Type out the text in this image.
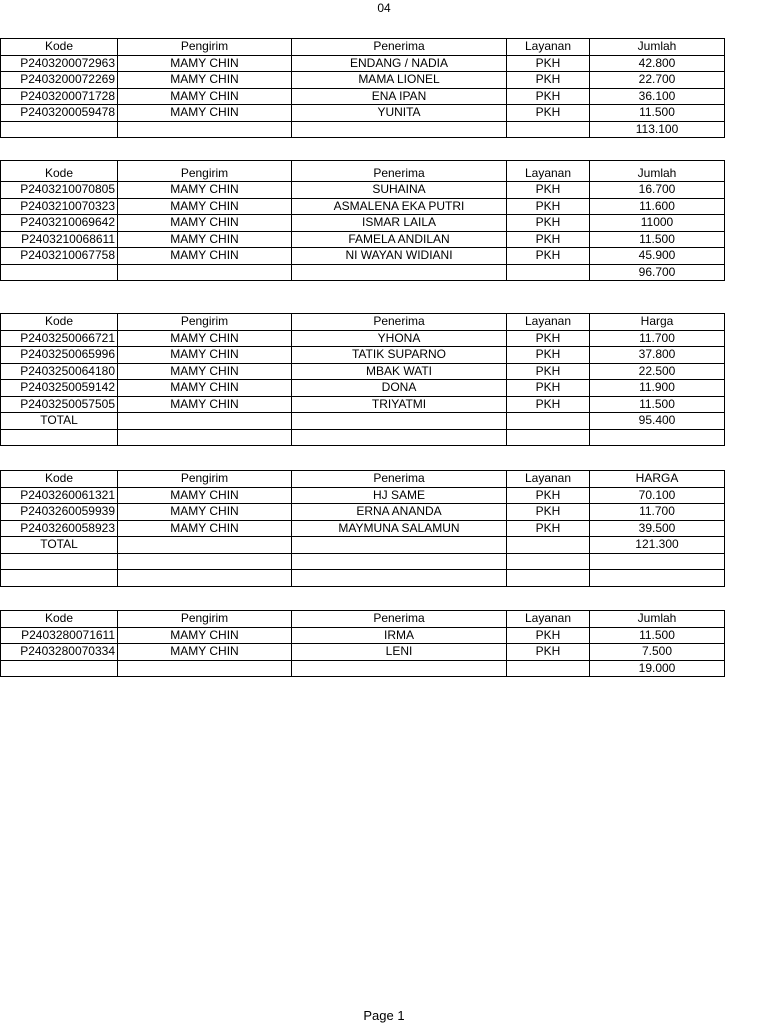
04
Kode	Pengirim	Penerima	Layanan	Jumlah
P2403200072963	MAMY CHIN	ENDANG / NADIA	PKH	42.800
P2403200072269	MAMY CHIN	MAMA LIONEL	PKH	22.700
P2403200071728	MAMY CHIN	ENA IPAN	PKH	36.100
P2403200059478	MAMY CHIN	YUNITA	PKH	11.500
				113.100
Kode	Pengirim	Penerima	Layanan	Jumlah
P2403210070805	MAMY CHIN	SUHAINA	PKH	16.700
P2403210070323	MAMY CHIN	ASMALENA EKA PUTRI	PKH	11.600
P2403210069642	MAMY CHIN	ISMAR LAILA	PKH	11000
P2403210068611	MAMY CHIN	FAMELA ANDILAN	PKH	11.500
P2403210067758	MAMY CHIN	NI WAYAN WIDIANI	PKH	45.900
				96.700
Kode	Pengirim	Penerima	Layanan	Harga
P2403250066721	MAMY CHIN	YHONA	PKH	11.700
P2403250065996	MAMY CHIN	TATIK SUPARNO	PKH	37.800
P2403250064180	MAMY CHIN	MBAK WATI	PKH	22.500
P2403250059142	MAMY CHIN	DONA	PKH	11.900
P2403250057505	MAMY CHIN	TRIYATMI	PKH	11.500
TOTAL				95.400

Kode	Pengirim	Penerima	Layanan	HARGA
P2403260061321	MAMY CHIN	HJ SAME	PKH	70.100
P2403260059939	MAMY CHIN	ERNA ANANDA	PKH	11.700
P2403260058923	MAMY CHIN	MAYMUNA SALAMUN	PKH	39.500
TOTAL				121.300

Kode	Pengirim	Penerima	Layanan	Jumlah
P2403280071611	MAMY CHIN	IRMA	PKH	11.500
P2403280070334	MAMY CHIN	LENI	PKH	7.500
				19.000
Page 1
